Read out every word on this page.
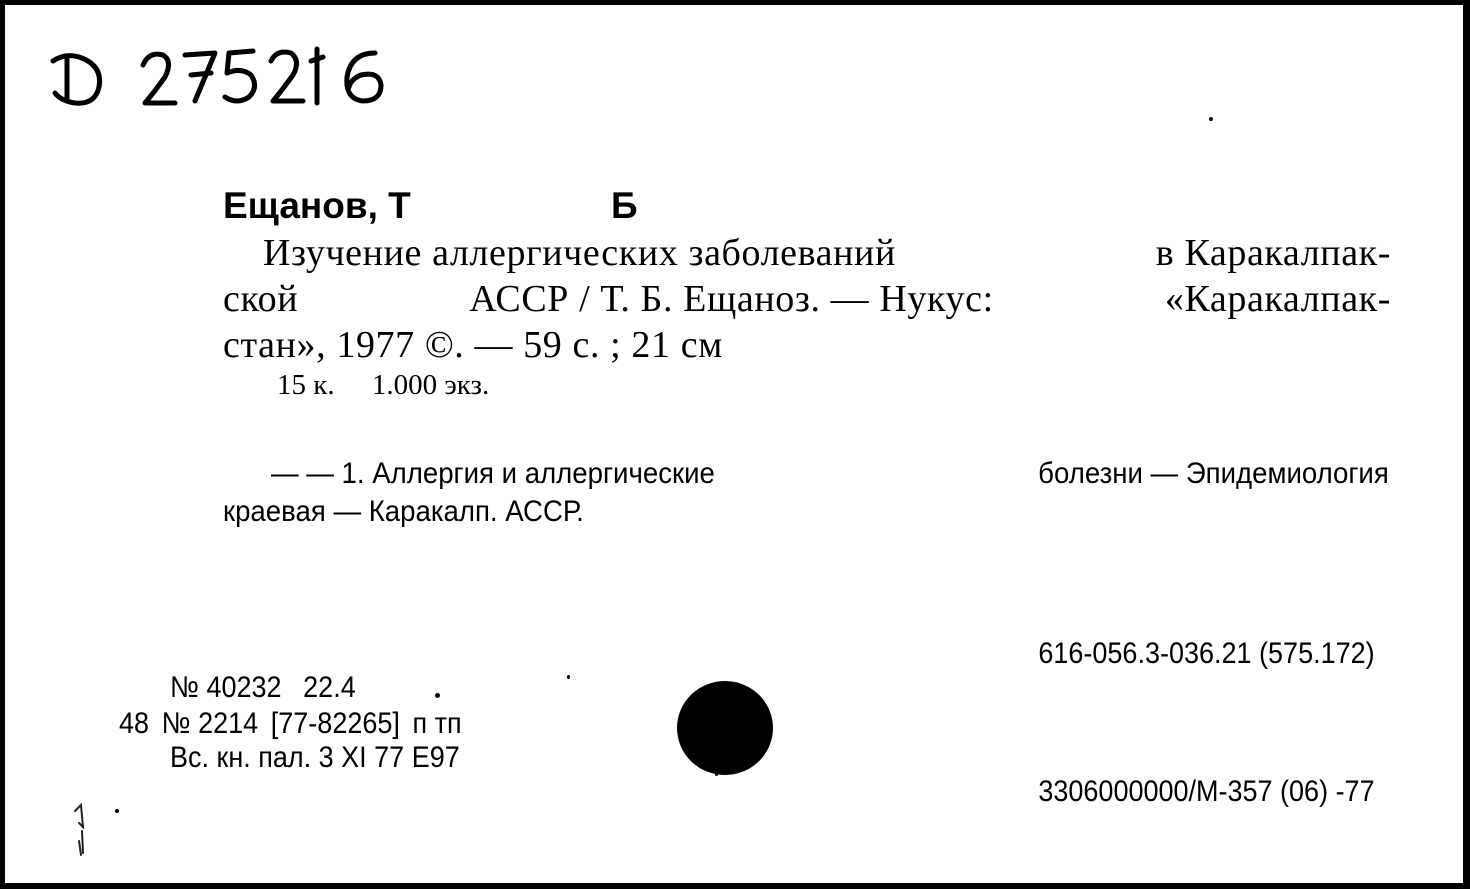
Ещанов, Т	Б
Изучение аллергических заболеваний	в Каракалпак-
ской	АССР / Т. Б. Ещаноз. — Нукус:	«Каракалпак-
стан», 1977 ©. — 59 с. ; 21 см
15 к. 1.000 экз.
— — 1. Аллергия и аллергические	болезни — Эпидемиология
краевая — Каракалп. АССР.
616-056.3-036.21 (575.172)
3306000000/М-357 (06) -77
№ 40232 22.4
48 № 2214 [77-82265] п тп
Вс. кн. пал. 3 XI 77 Е97
